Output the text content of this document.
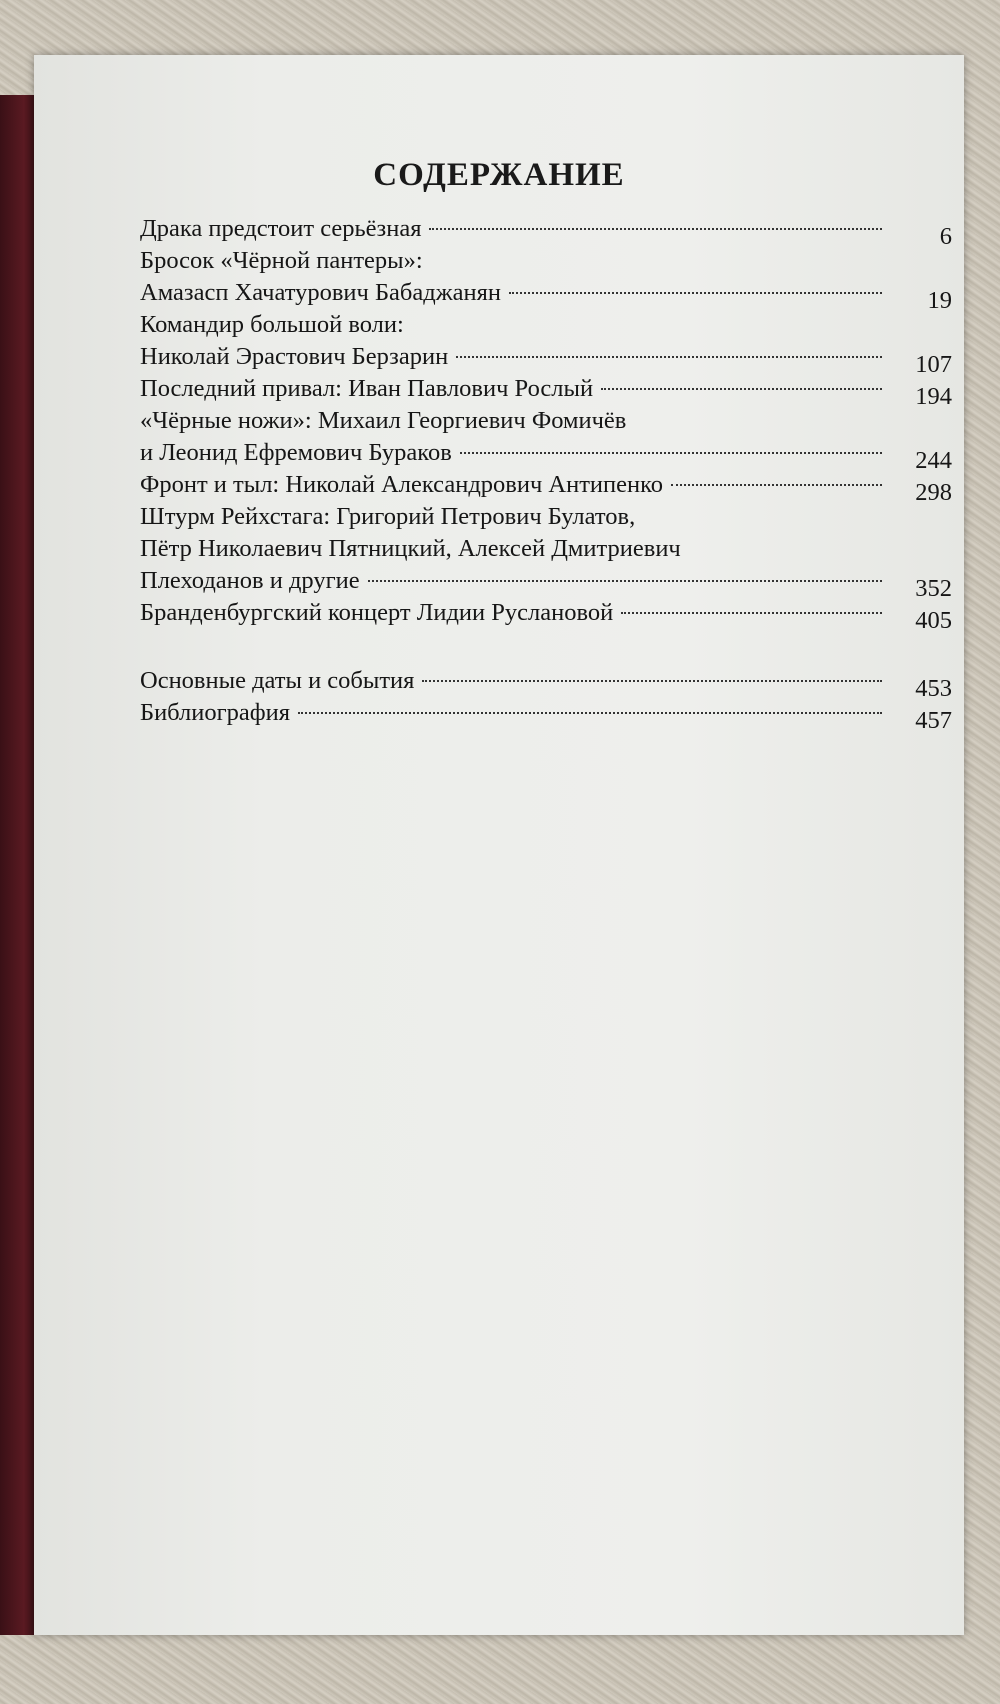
СОДЕРЖАНИЕ
Драка предстоит серьёзная	6
Бросок «Чёрной пантеры»:
Амазасп Хачатурович Бабаджанян	19
Командир большой воли:
Николай Эрастович Берзарин	107
Последний привал: Иван Павлович Рослый	194
«Чёрные ножи»: Михаил Георгиевич Фомичёв
и Леонид Ефремович Бураков	244
Фронт и тыл: Николай Александрович Антипенко	298
Штурм Рейхстага: Григорий Петрович Булатов,
Пётр Николаевич Пятницкий, Алексей Дмитриевич
Плеходанов и другие	352
Бранденбургский концерт Лидии Руслановой	405
Основные даты и события	453
Библиография	457
